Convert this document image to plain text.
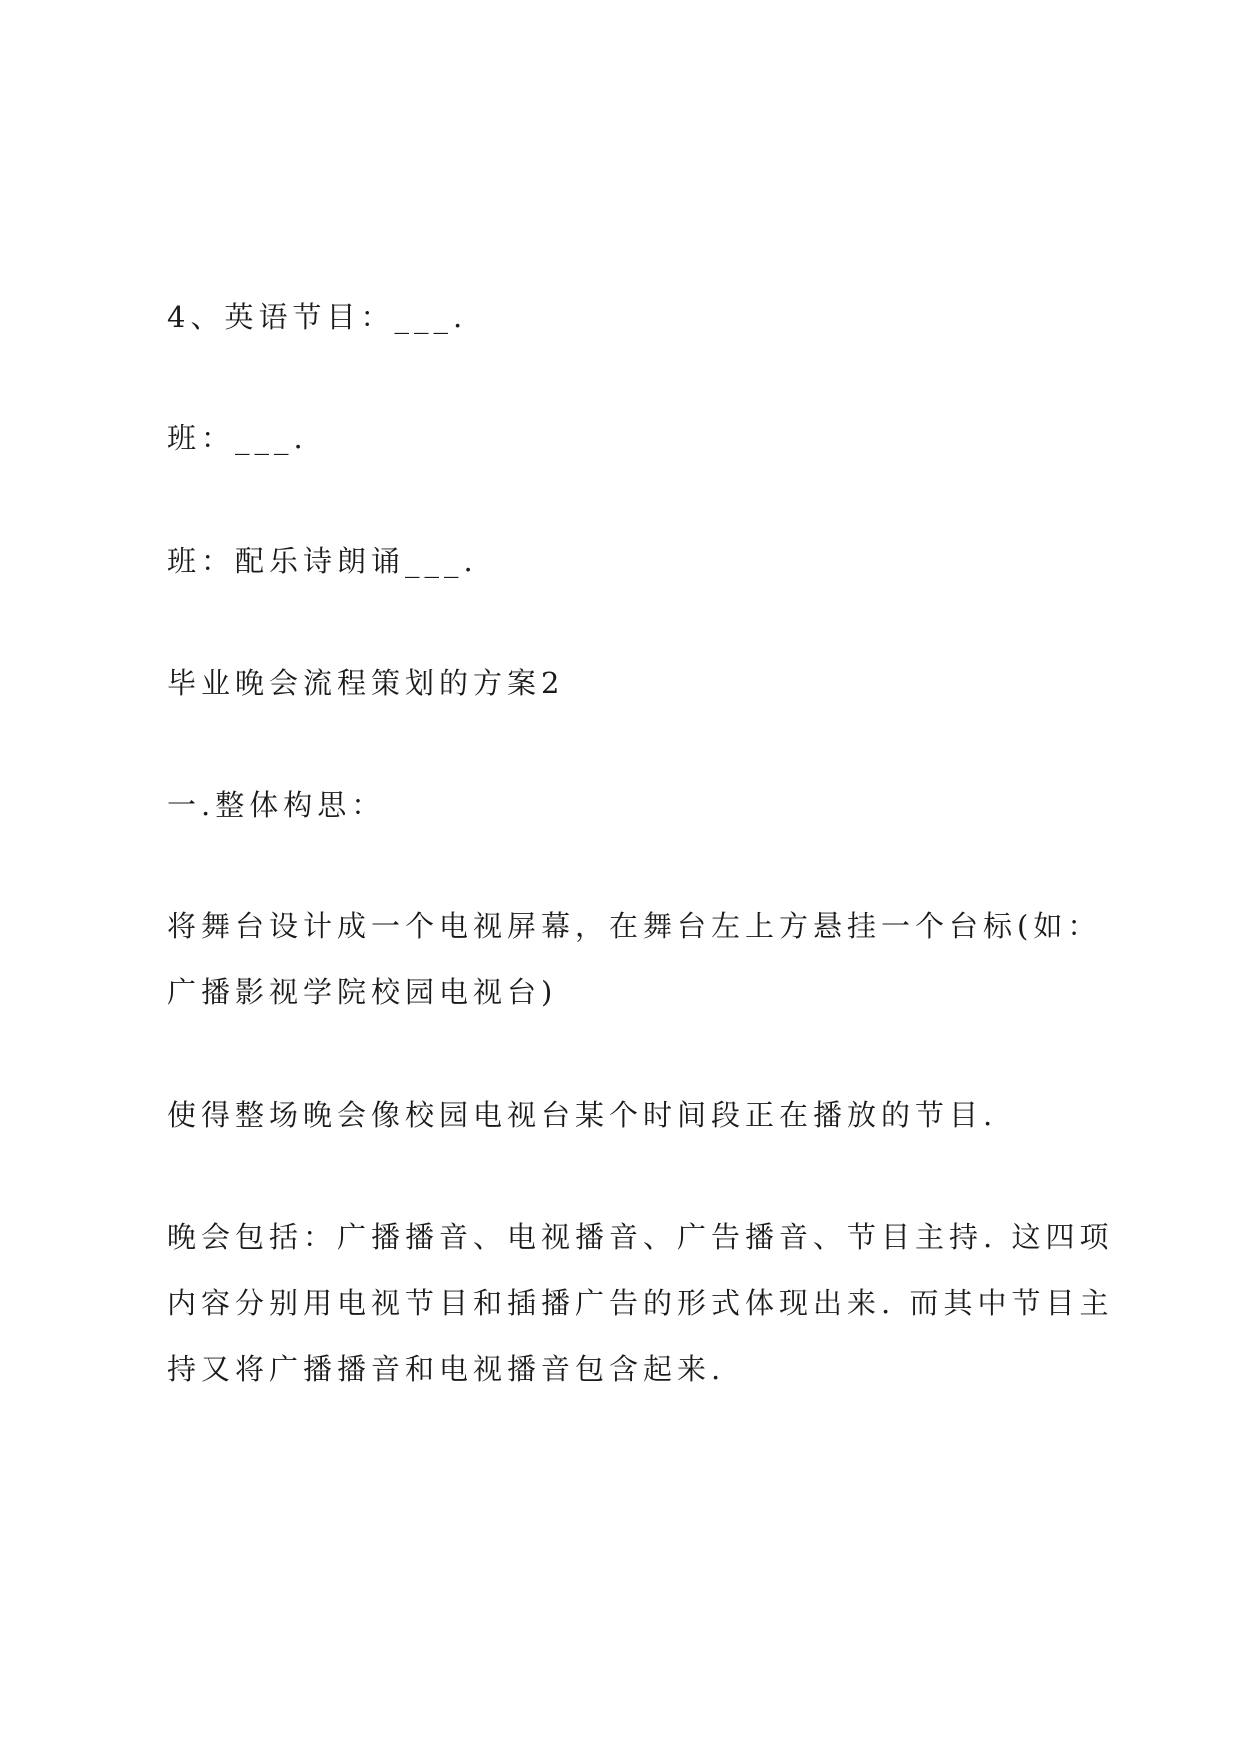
4、英语节目：___.

班：___.

班：配乐诗朗诵___.

毕业晚会流程策划的方案2

一.整体构思：

将舞台设计成一个电视屏幕，在舞台左上方悬挂一个台标(如：
广播影视学院校园电视台)

使得整场晚会像校园电视台某个时间段正在播放的节目.

晚会包括：广播播音、电视播音、广告播音、节目主持. 这四项
内容分别用电视节目和插播广告的形式体现出来. 而其中节目主
持又将广播播音和电视播音包含起来.
